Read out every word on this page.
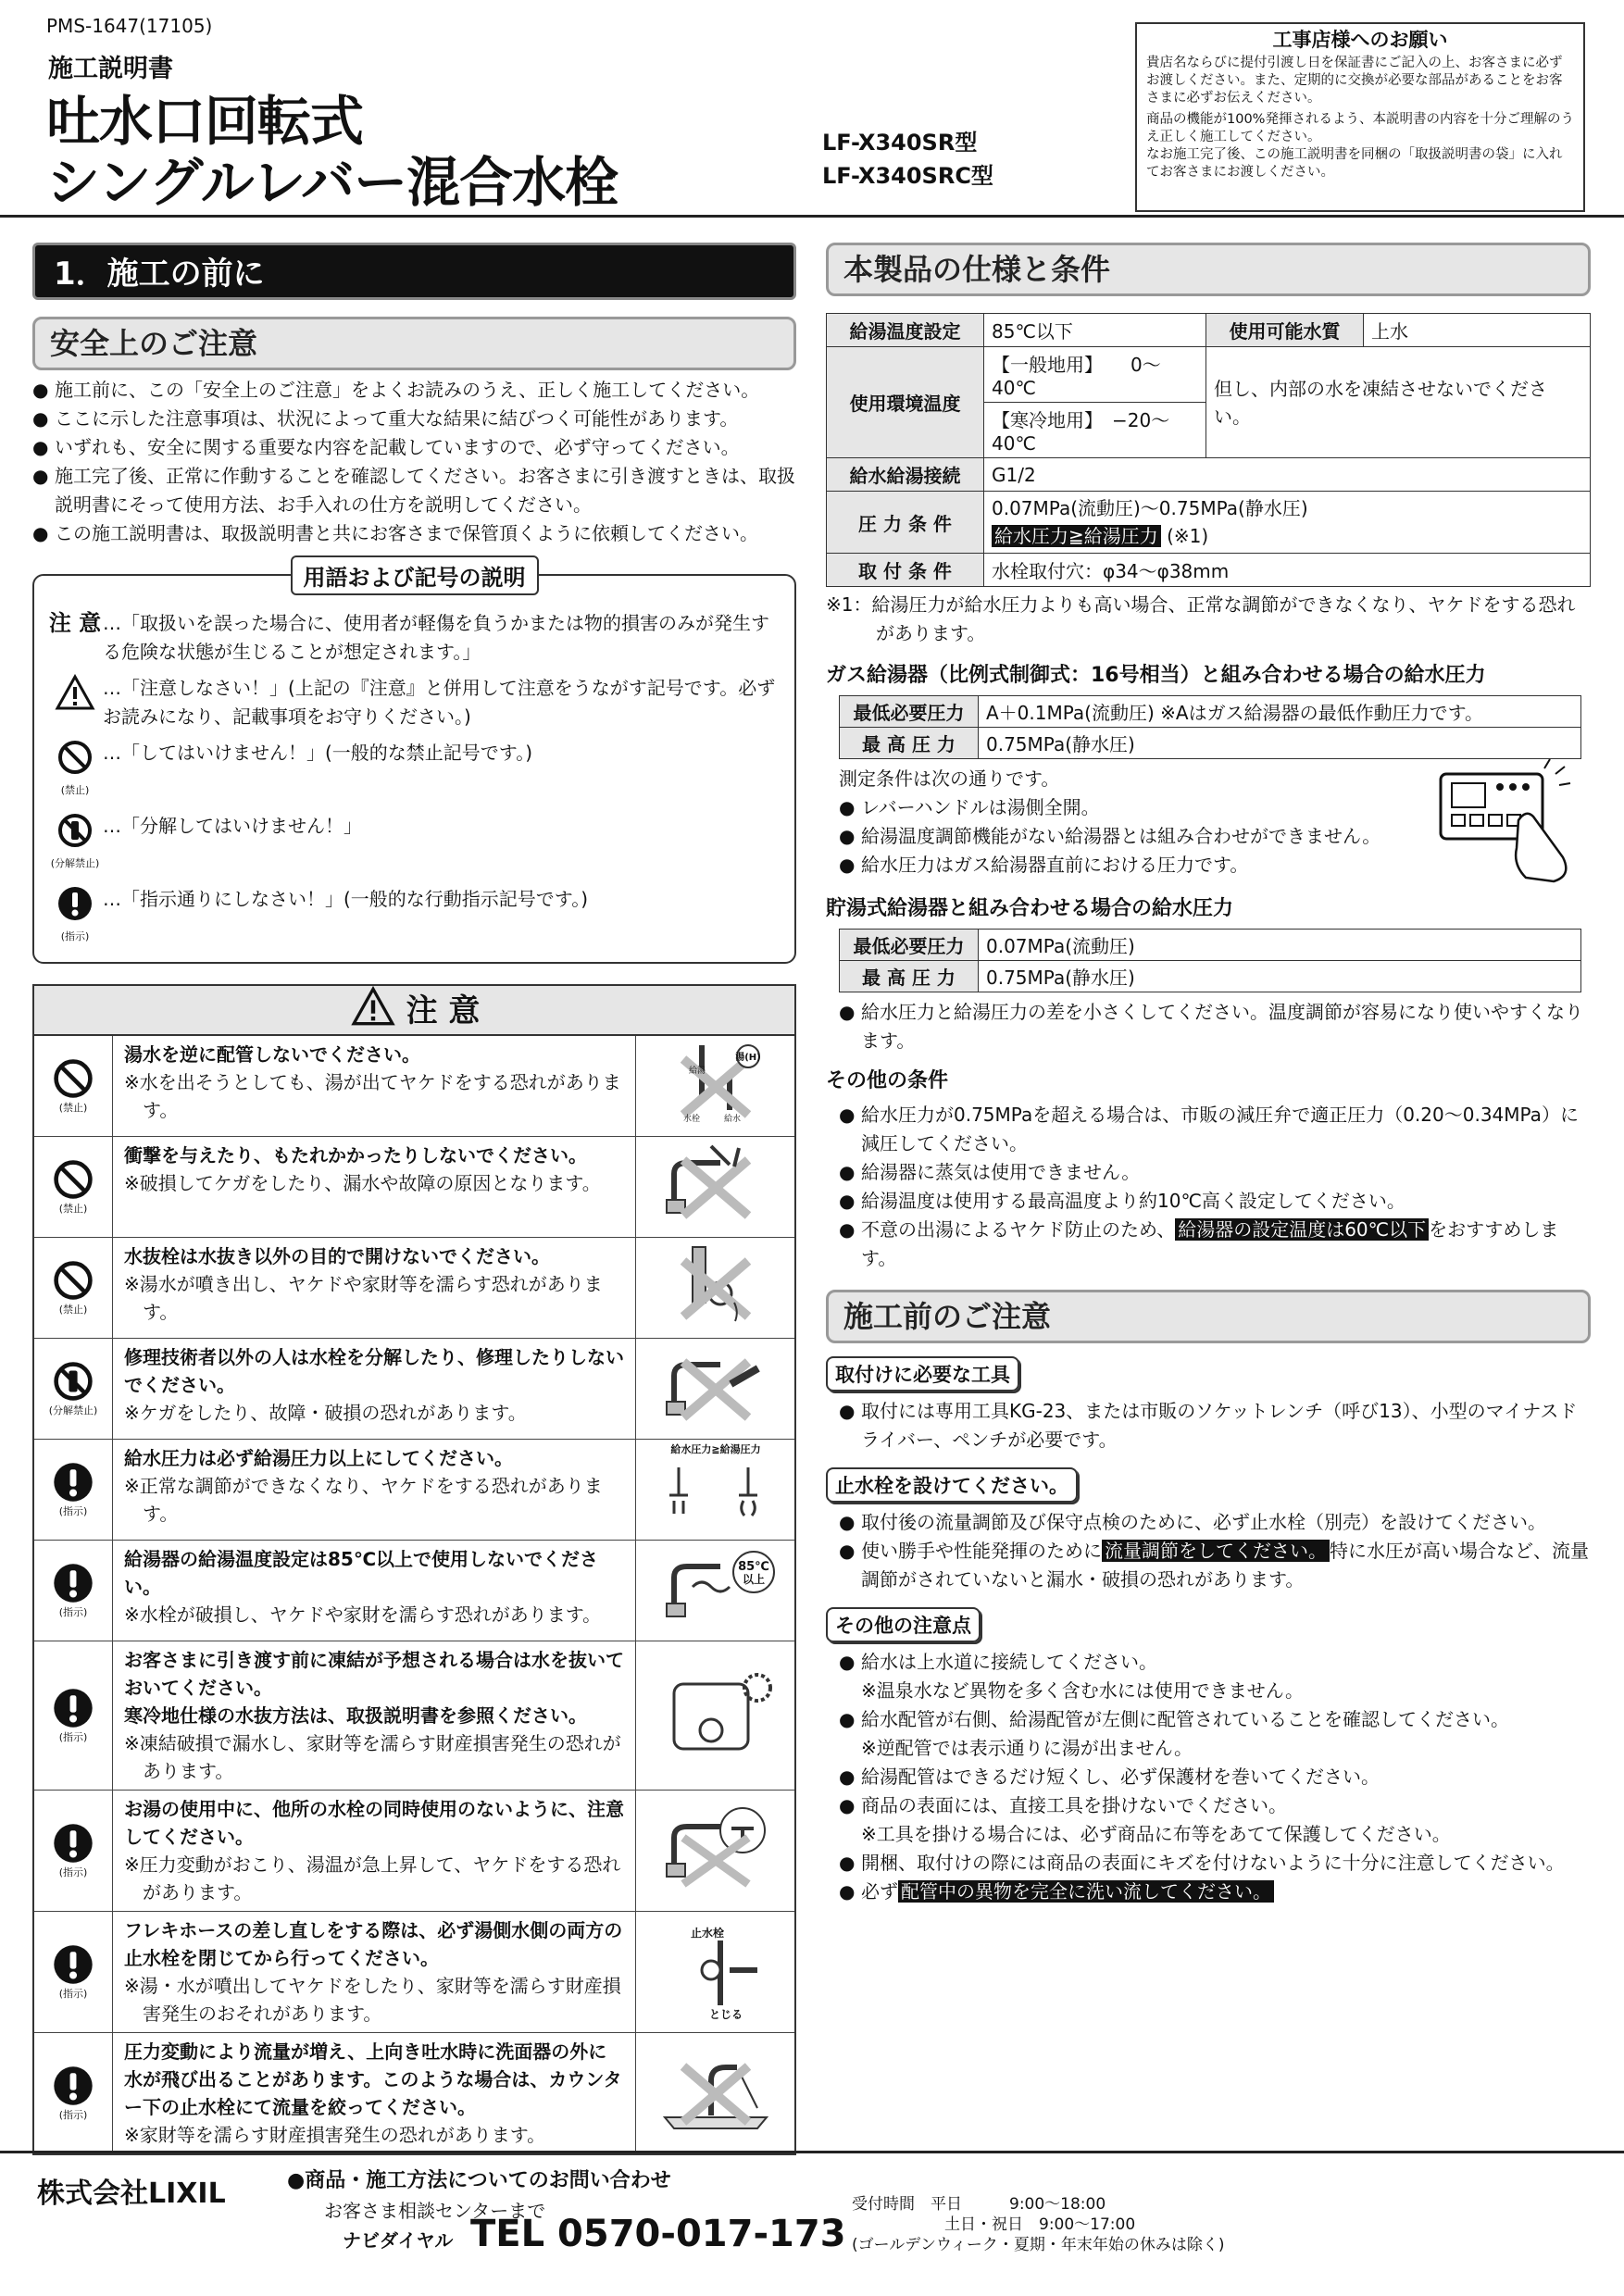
PMS-1647(17105)
施工説明書
吐水口回転式
シングルレバー混合水栓
LF-X340SR型
LF-X340SRC型
工事店様へのお願い

貴店名ならびに提付引渡し日を保証書にご記入の上、お客さまに必ずお渡しください。また、定期的に交換が必要な部品があることをお客さまに必ずお伝えください。

商品の機能が100%発揮されるよう、本説明書の内容を十分ご理解のうえ正しく施工してください。

なお施工完了後、この施工説明書を同梱の「取扱説明書の袋」に入れてお客さまにお渡しください。

1．施工の前に
安全上のご注意
● 施工前に、この「安全上のご注意」をよくお読みのうえ、正しく施工してください。
● ここに示した注意事項は、状況によって重大な結果に結びつく可能性があります。
● いずれも、安全に関する重要な内容を記載していますので、必ず守ってください。
● 施工完了後、正常に作動することを確認してください。お客さまに引き渡すときは、取扱説明書にそって使用方法、お手入れの仕方を説明してください。
● この施工説明書は、取扱説明書と共にお客さまで保管頂くように依頼してください。
用語および記号の説明
注 意 …「取扱いを誤った場合に、使用者が軽傷を負うかまたは物的損害のみが発生する危険な状態が生じることが想定されます。」
…「注意しなさい！」(上記の『注意』と併用して注意をうながす記号です。必ずお読みになり、記載事項をお守りください。)
(禁止)
…「してはいけません！」(一般的な禁止記号です。)
(分解禁止)
…「分解してはいけません！」
(指示)
…「指示通りにしなさい！」(一般的な行動指示記号です。)
注 意
(禁止)
湯水を逆に配管しないでください。
※水を出そうとしても、湯が出てヤケドをする恐れがあります。
湯(H)
給湯
水栓	給水
(禁止)
衝撃を与えたり、もたれかかったりしないでください。
※破損してケガをしたり、漏水や故障の原因となります。
(禁止)
水抜栓は水抜き以外の目的で開けないでください。
※湯水が噴き出し、ヤケドや家財等を濡らす恐れがあります。
(分解禁止)
修理技術者以外の人は水栓を分解したり、修理したりしないでください。
※ケガをしたり、故障・破損の恐れがあります。
(指示)
給水圧力は必ず給湯圧力以上にしてください。
※正常な調節ができなくなり、ヤケドをする恐れがあります。
給水圧力≧給湯圧力
(指示)
給湯器の給湯温度設定は85℃以上で使用しないでください。
※水栓が破損し、ヤケドや家財を濡らす恐れがあります。
85℃
以上
(指示)
お客さまに引き渡す前に凍結が予想される場合は水を抜いておいてください。
寒冷地仕様の水抜方法は、取扱説明書を参照ください。
※凍結破損で漏水し、家財等を濡らす財産損害発生の恐れがあります。
(指示)
お湯の使用中に、他所の水栓の同時使用のないように、注意してください。
※圧力変動がおこり、湯温が急上昇して、ヤケドをする恐れがあります。
(指示)
フレキホースの差し直しをする際は、必ず湯側水側の両方の止水栓を閉じてから行ってください。
※湯・水が噴出してヤケドをしたり、家財等を濡らす財産損害発生のおそれがあります。
止水栓
とじる
(指示)
圧力変動により流量が増え、上向き吐水時に洗面器の外に水が飛び出ることがあります。このような場合は、カウンター下の止水栓にて流量を絞ってください。
※家財等を濡らす財産損害発生の恐れがあります。
本製品の仕様と条件
給湯温度設定	85℃以下	使用可能水質	上水
使用環境温度	【一般地用】　　0～40℃	但し、内部の水を凍結させないでください。	
	【寒冷地用】　−20～40℃		
給水給湯接続	G1/2		
圧 力 条 件	0.07MPa(流動圧)～0.75MPa(静水圧)
給水圧力≧給湯圧力 (※1)		

取 付 条 件	水栓取付穴：φ34～φ38mm		
※1：給湯圧力が給水圧力よりも高い場合、正常な調節ができなくなり、ヤケドをする恐れがあります。
ガス給湯器（比例式制御式：16号相当）と組み合わせる場合の給水圧力
最低必要圧力	A＋0.1MPa(流動圧) ※Aはガス給湯器の最低作動圧力です。
最 高 圧 力	0.75MPa(静水圧)
測定条件は次の通りです。
● レバーハンドルは湯側全開。
● 給湯温度調節機能がない給湯器とは組み合わせができません。
● 給水圧力はガス給湯器直前における圧力です。
貯湯式給湯器と組み合わせる場合の給水圧力
最低必要圧力	0.07MPa(流動圧)
最 高 圧 力	0.75MPa(静水圧)
● 給水圧力と給湯圧力の差を小さくしてください。温度調節が容易になり使いやすくなります。
その他の条件
● 給水圧力が0.75MPaを超える場合は、市販の減圧弁で適正圧力（0.20～0.34MPa）に減圧してください。
● 給湯器に蒸気は使用できません。
● 給湯温度は使用する最高温度より約10℃高く設定してください。
● 不意の出湯によるヤケド防止のため、 給湯器の設定温度は60℃以下 をおすすめします。
施工前のご注意
取付けに必要な工具
● 取付には専用工具KG-23、または市販のソケットレンチ（呼び13）、小型のマイナスドライバー、ペンチが必要です。
止水栓を設けてください。
● 取付後の流量調節及び保守点検のために、必ず止水栓（別売）を設けてください。
● 使い勝手や性能発揮のために 流量調節をしてください。 特に水圧が高い場合など、流量調節がされていないと漏水・破損の恐れがあります。
その他の注意点
● 給水は上水道に接続してください。
※温泉水など異物を多く含む水には使用できません。
● 給水配管が右側、給湯配管が左側に配管されていることを確認してください。
※逆配管では表示通りに湯が出ません。
● 給湯配管はできるだけ短くし、必ず保護材を巻いてください。
● 商品の表面には、直接工具を掛けないでください。
※工具を掛ける場合には、必ず商品に布等をあてて保護してください。
● 開梱、取付けの際には商品の表面にキズを付けないように十分に注意してください。
● 必ず 配管中の異物を完全に洗い流してください。
株式会社LIXIL	●商品・施工方法についてのお問い合わせ
お客さま相談センターまで
ナビダイヤル TEL 0570-017-173
受付時間　 平日　　　9:00～18:00
土日・祝日　9:00～17:00
(ゴールデンウィーク・夏期・年末年始の休みは除く)
